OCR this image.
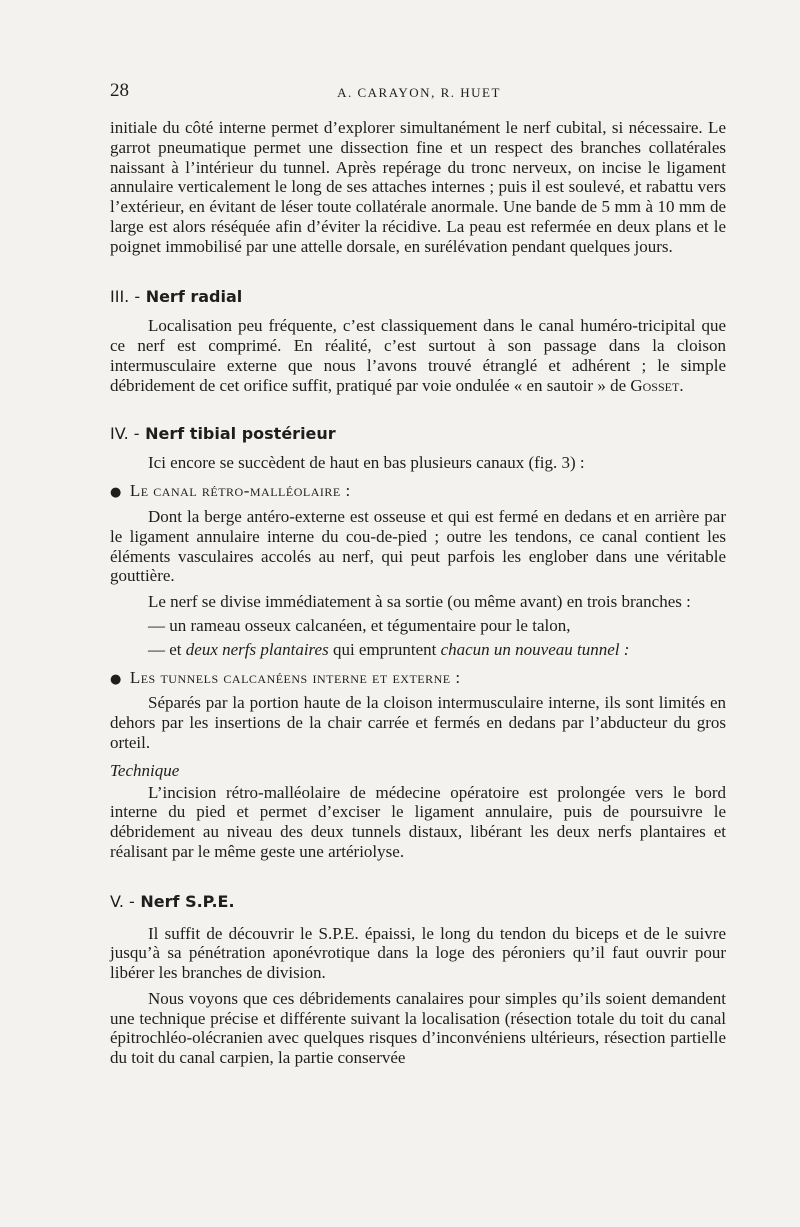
28	A. CARAYON, R. HUET

initiale du côté interne permet d’explorer simultanément le nerf cubital, si nécessaire. Le garrot pneumatique permet une dissection fine et un respect des branches collatérales naissant à l’intérieur du tunnel. Après repérage du tronc nerveux, on incise le ligament annulaire verticalement le long de ses attaches internes ; puis il est soulevé, et rabattu vers l’extérieur, en évitant de léser toute collatérale anormale. Une bande de 5 mm à 10 mm de large est alors réséquée afin d’éviter la récidive. La peau est refermée en deux plans et le poignet immobilisé par une attelle dorsale, en surélévation pendant quelques jours.

III. - Nerf radial

Localisation peu fréquente, c’est classiquement dans le canal huméro-tricipital que ce nerf est comprimé. En réalité, c’est surtout à son passage dans la cloison intermusculaire externe que nous l’avons trouvé étranglé et adhérent ; le simple débridement de cet orifice suffit, pratiqué par voie ondulée « en sautoir » de Gosset.

IV. - Nerf tibial postérieur

Ici encore se succèdent de haut en bas plusieurs canaux (fig. 3) :

● Le canal rétro-malléolaire :

Dont la berge antéro-externe est osseuse et qui est fermé en dedans et en arrière par le ligament annulaire interne du cou-de-pied ; outre les tendons, ce canal contient les éléments vasculaires accolés au nerf, qui peut parfois les englober dans une véritable gouttière.

Le nerf se divise immédiatement à sa sortie (ou même avant) en trois branches :

— un rameau osseux calcanéen, et tégumentaire pour le talon,

— et deux nerfs plantaires qui empruntent chacun un nouveau tunnel :

● Les tunnels calcanéens interne et externe :

Séparés par la portion haute de la cloison intermusculaire interne, ils sont limités en dehors par les insertions de la chair carrée et fermés en dedans par l’abducteur du gros orteil.

Technique

L’incision rétro-malléolaire de médecine opératoire est prolongée vers le bord interne du pied et permet d’exciser le ligament annulaire, puis de poursuivre le débridement au niveau des deux tunnels distaux, libérant les deux nerfs plantaires et réalisant par le même geste une artériolyse.

V. - Nerf S.P.E.

Il suffit de découvrir le S.P.E. épaissi, le long du tendon du biceps et de le suivre jusqu’à sa pénétration aponévrotique dans la loge des péroniers qu’il faut ouvrir pour libérer les branches de division.

Nous voyons que ces débridements canalaires pour simples qu’ils soient demandent une technique précise et différente suivant la localisation (résection totale du toit du canal épitrochléo-olécranien avec quelques risques d’inconvéniens ultérieurs, résection partielle du toit du canal carpien, la partie conservée
